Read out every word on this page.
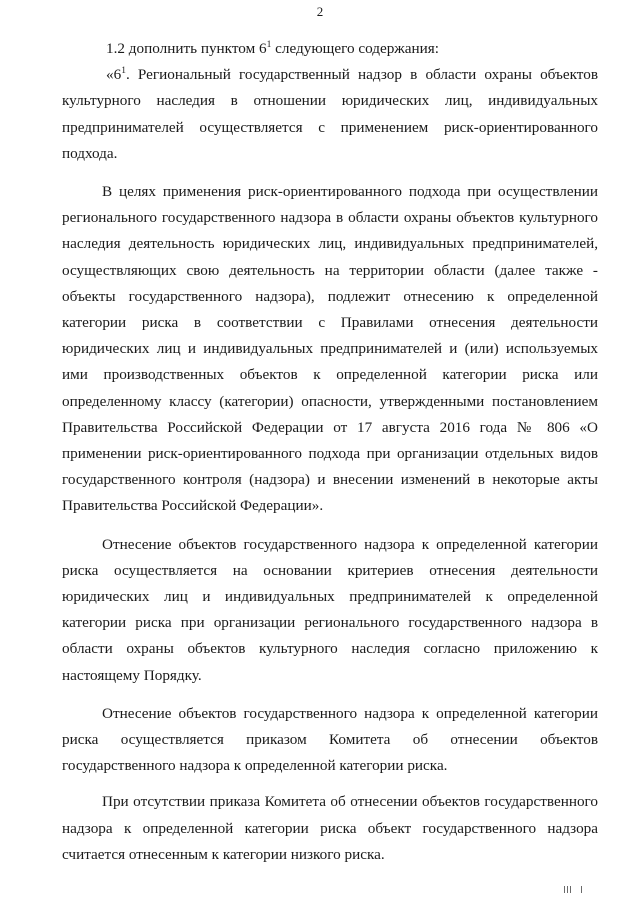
2

1.2 дополнить пунктом $6^1$ следующего содержания:

«$6^1$. Региональный государственный надзор в области охраны объектов культурного наследия в отношении юридических лиц, индивидуальных предпринимателей осуществляется с применением риск-ориентированного подхода.

В целях применения риск-ориентированного подхода при осуществлении регионального государственного надзора в области охраны объектов культурного наследия деятельность юридических лиц, индивидуальных предпринимателей, осуществляющих свою деятельность на территории области (далее также - объекты государственного надзора), подлежит отнесению к определенной категории риска в соответствии с Правилами отнесения деятельности юридических лиц и индивидуальных предпринимателей и (или) используемых ими производственных объектов к определенной категории риска или определенному классу (категории) опасности, утвержденными постановлением Правительства Российской Федерации от 17 августа 2016 года № 806 «О применении риск-ориентированного подхода при организации отдельных видов государственного контроля (надзора) и внесении изменений в некоторые акты Правительства Российской Федерации».

Отнесение объектов государственного надзора к определенной категории риска осуществляется на основании критериев отнесения деятельности юридических лиц и индивидуальных предпринимателей к определенной категории риска при организации регионального государственного надзора в области охраны объектов культурного наследия согласно приложению к настоящему Порядку.

Отнесение объектов государственного надзора к определенной категории риска осуществляется приказом Комитета об отнесении объектов государственного надзора к определенной категории риска.

При отсутствии приказа Комитета об отнесении объектов государственного надзора к определенной категории риска объект государственного надзора считается отнесенным к категории низкого риска.
